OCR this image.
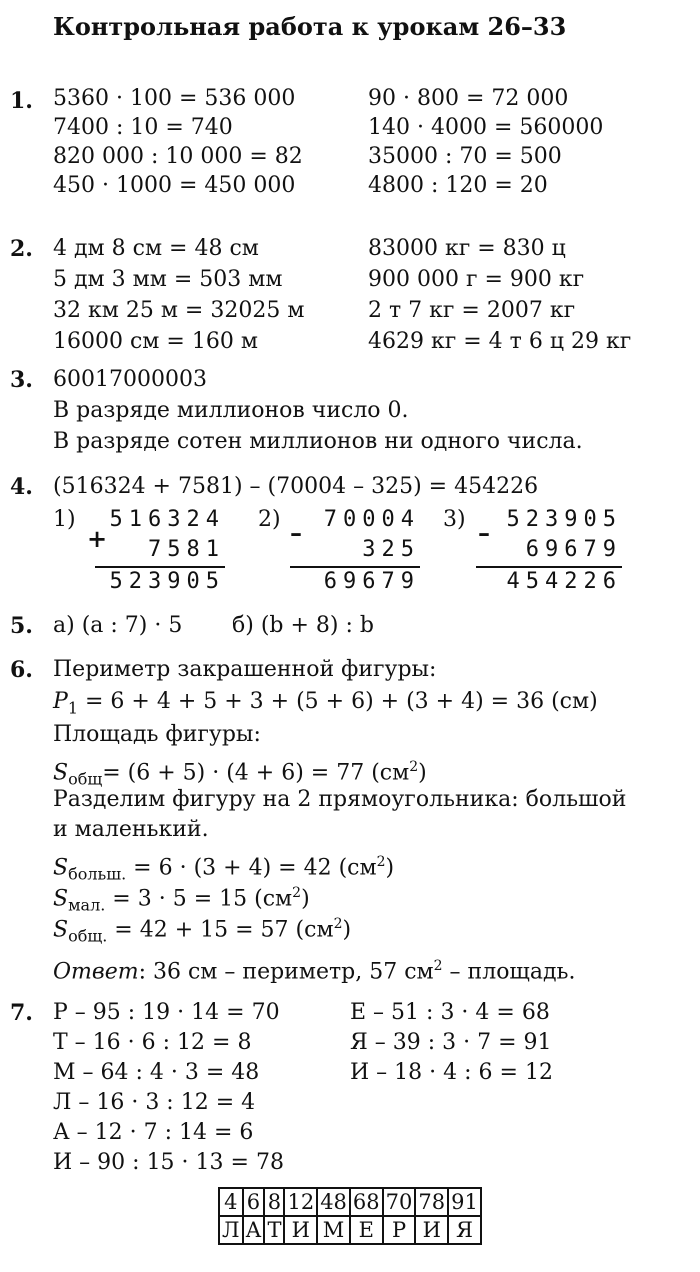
Контрольная работа к урокам 26–33
1. 5360 · 100 = 536 000
7400 : 10 = 740
820 000 : 10 000 = 82
450 · 1000 = 450 000
90 · 800 = 72 000
140 · 4000 = 560000
35000 : 70 = 500
4800 : 120 = 20
2. 4 дм 8 см = 48 см
5 дм 3 мм = 503 мм
32 км 25 м = 32025 м
16000 см = 160 м
83000 кг = 830 ц
900 000 г = 900 кг
2 т 7 кг = 2007 кг
4629 кг = 4 т 6 ц 29 кг
3. 60017000003
В разряде миллионов число 0.
В разряде сотен миллионов ни одного числа.
4. (516324 + 7581) – (70004 – 325) = 454226
1)
+
516324
7581
523905
2) – 70004
325
69679
3) – 523905
69679
454226
5. а) (a : 7) · 5 б) (b + 8) : b
6. Периметр закрашенной фигуры:
$P_1 = 6 + 4 + 5 + 3 + (5 + 6) + (3 + 4) = 36$ (см)
Площадь фигуры:
$S_{общ}= (6 + 5) \cdot (4 + 6) = 77$ $(см^2)$
Разделим фигуру на 2 прямоугольника: большой
и маленький.
$S_{больш.} = 6 \cdot (3 + 4) = 42$ $(см^2)$
$S_{мал.} = 3 \cdot 5 = 15$ $(см^2)$
$S_{общ.} = 42 + 15 = 57$ $(см^2)$
Ответ: 36 см – периметр, 57 $см^2$ – площадь.
7. Р – 95 : 19 · 14 = 70
Т – 16 · 6 : 12 = 8
М – 64 : 4 · 3 = 48
Л – 16 · 3 : 12 = 4
А – 12 · 7 : 14 = 6
И – 90 : 15 · 13 = 78
Е – 51 : 3 · 4 = 68
Я – 39 : 3 · 7 = 91
И – 18 · 4 : 6 = 12
4	6	8	12	48	68	70	78	91
Л	А	Т	И	М	Е	Р	И	Я
